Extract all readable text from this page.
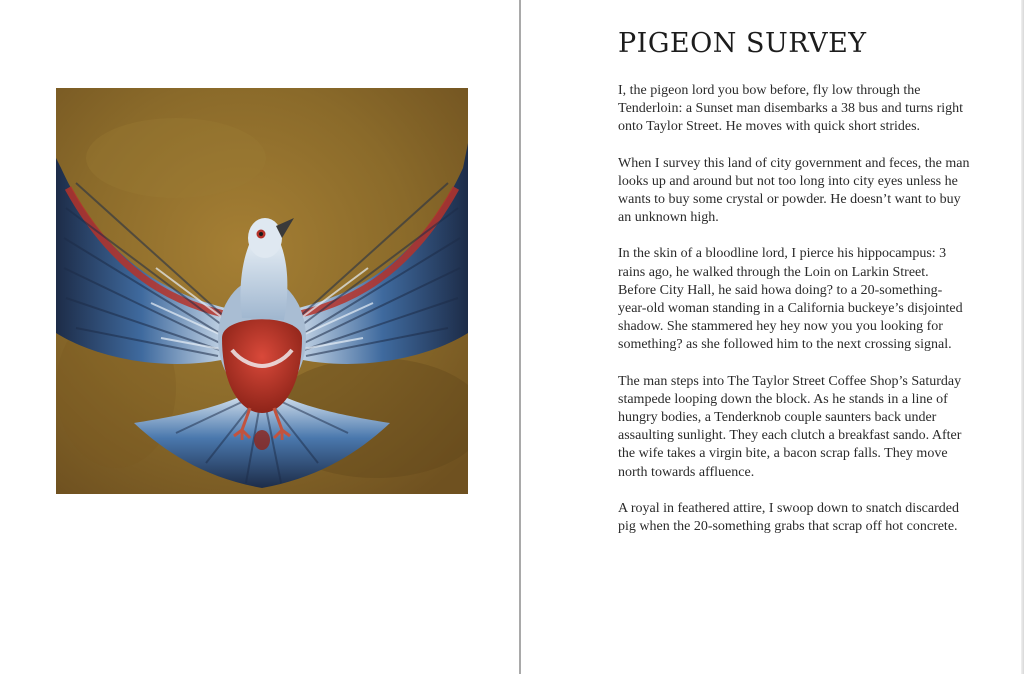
PIGEON SURVEY

I, the pigeon lord you bow before, fly low through the Tenderloin: a Sunset man disembarks a 38 bus and turns right onto Taylor Street. He moves with quick short strides.

When I survey this land of city government and feces, the man looks up and around but not too long into city eyes unless he wants to buy some crystal or powder. He doesn’t want to buy an unknown high.

In the skin of a bloodline lord, I pierce his hippocampus: 3 rains ago, he walked through the Loin on Larkin Street. Before City Hall, he said howa doing? to a 20-something-year-old woman standing in a California buckeye’s disjointed shadow. She stammered hey hey now you you looking for something? as she followed him to the next crossing signal.

The man steps into The Taylor Street Coffee Shop’s Saturday stampede looping down the block. As he stands in a line of hungry bodies, a Tenderknob couple saunters back under assaulting sunlight. They each clutch a breakfast sando. After the wife takes a virgin bite, a bacon scrap falls. They move north towards affluence.

A royal in feathered attire, I swoop down to snatch discarded pig when the 20-something grabs that scrap off hot concrete.
